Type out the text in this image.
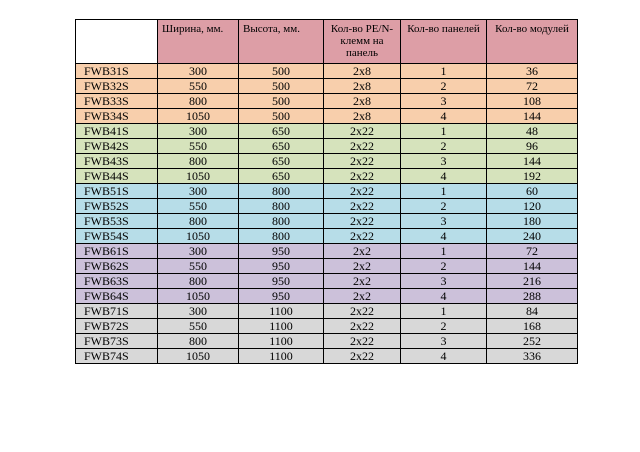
	Ширина, мм.	Высота, мм.	Кол-во PE/N-клемм на панель	Кол-во панелей	Кол-во модулей
FWB31S	300	500	2x8	1	36
FWB32S	550	500	2x8	2	72
FWB33S	800	500	2x8	3	108
FWB34S	1050	500	2x8	4	144
FWB41S	300	650	2x22	1	48
FWB42S	550	650	2x22	2	96
FWB43S	800	650	2x22	3	144
FWB44S	1050	650	2x22	4	192
FWB51S	300	800	2x22	1	60
FWB52S	550	800	2x22	2	120
FWB53S	800	800	2x22	3	180
FWB54S	1050	800	2x22	4	240
FWB61S	300	950	2x2	1	72
FWB62S	550	950	2x2	2	144
FWB63S	800	950	2x2	3	216
FWB64S	1050	950	2x2	4	288
FWB71S	300	1100	2x22	1	84
FWB72S	550	1100	2x22	2	168
FWB73S	800	1100	2x22	3	252
FWB74S	1050	1100	2x22	4	336
